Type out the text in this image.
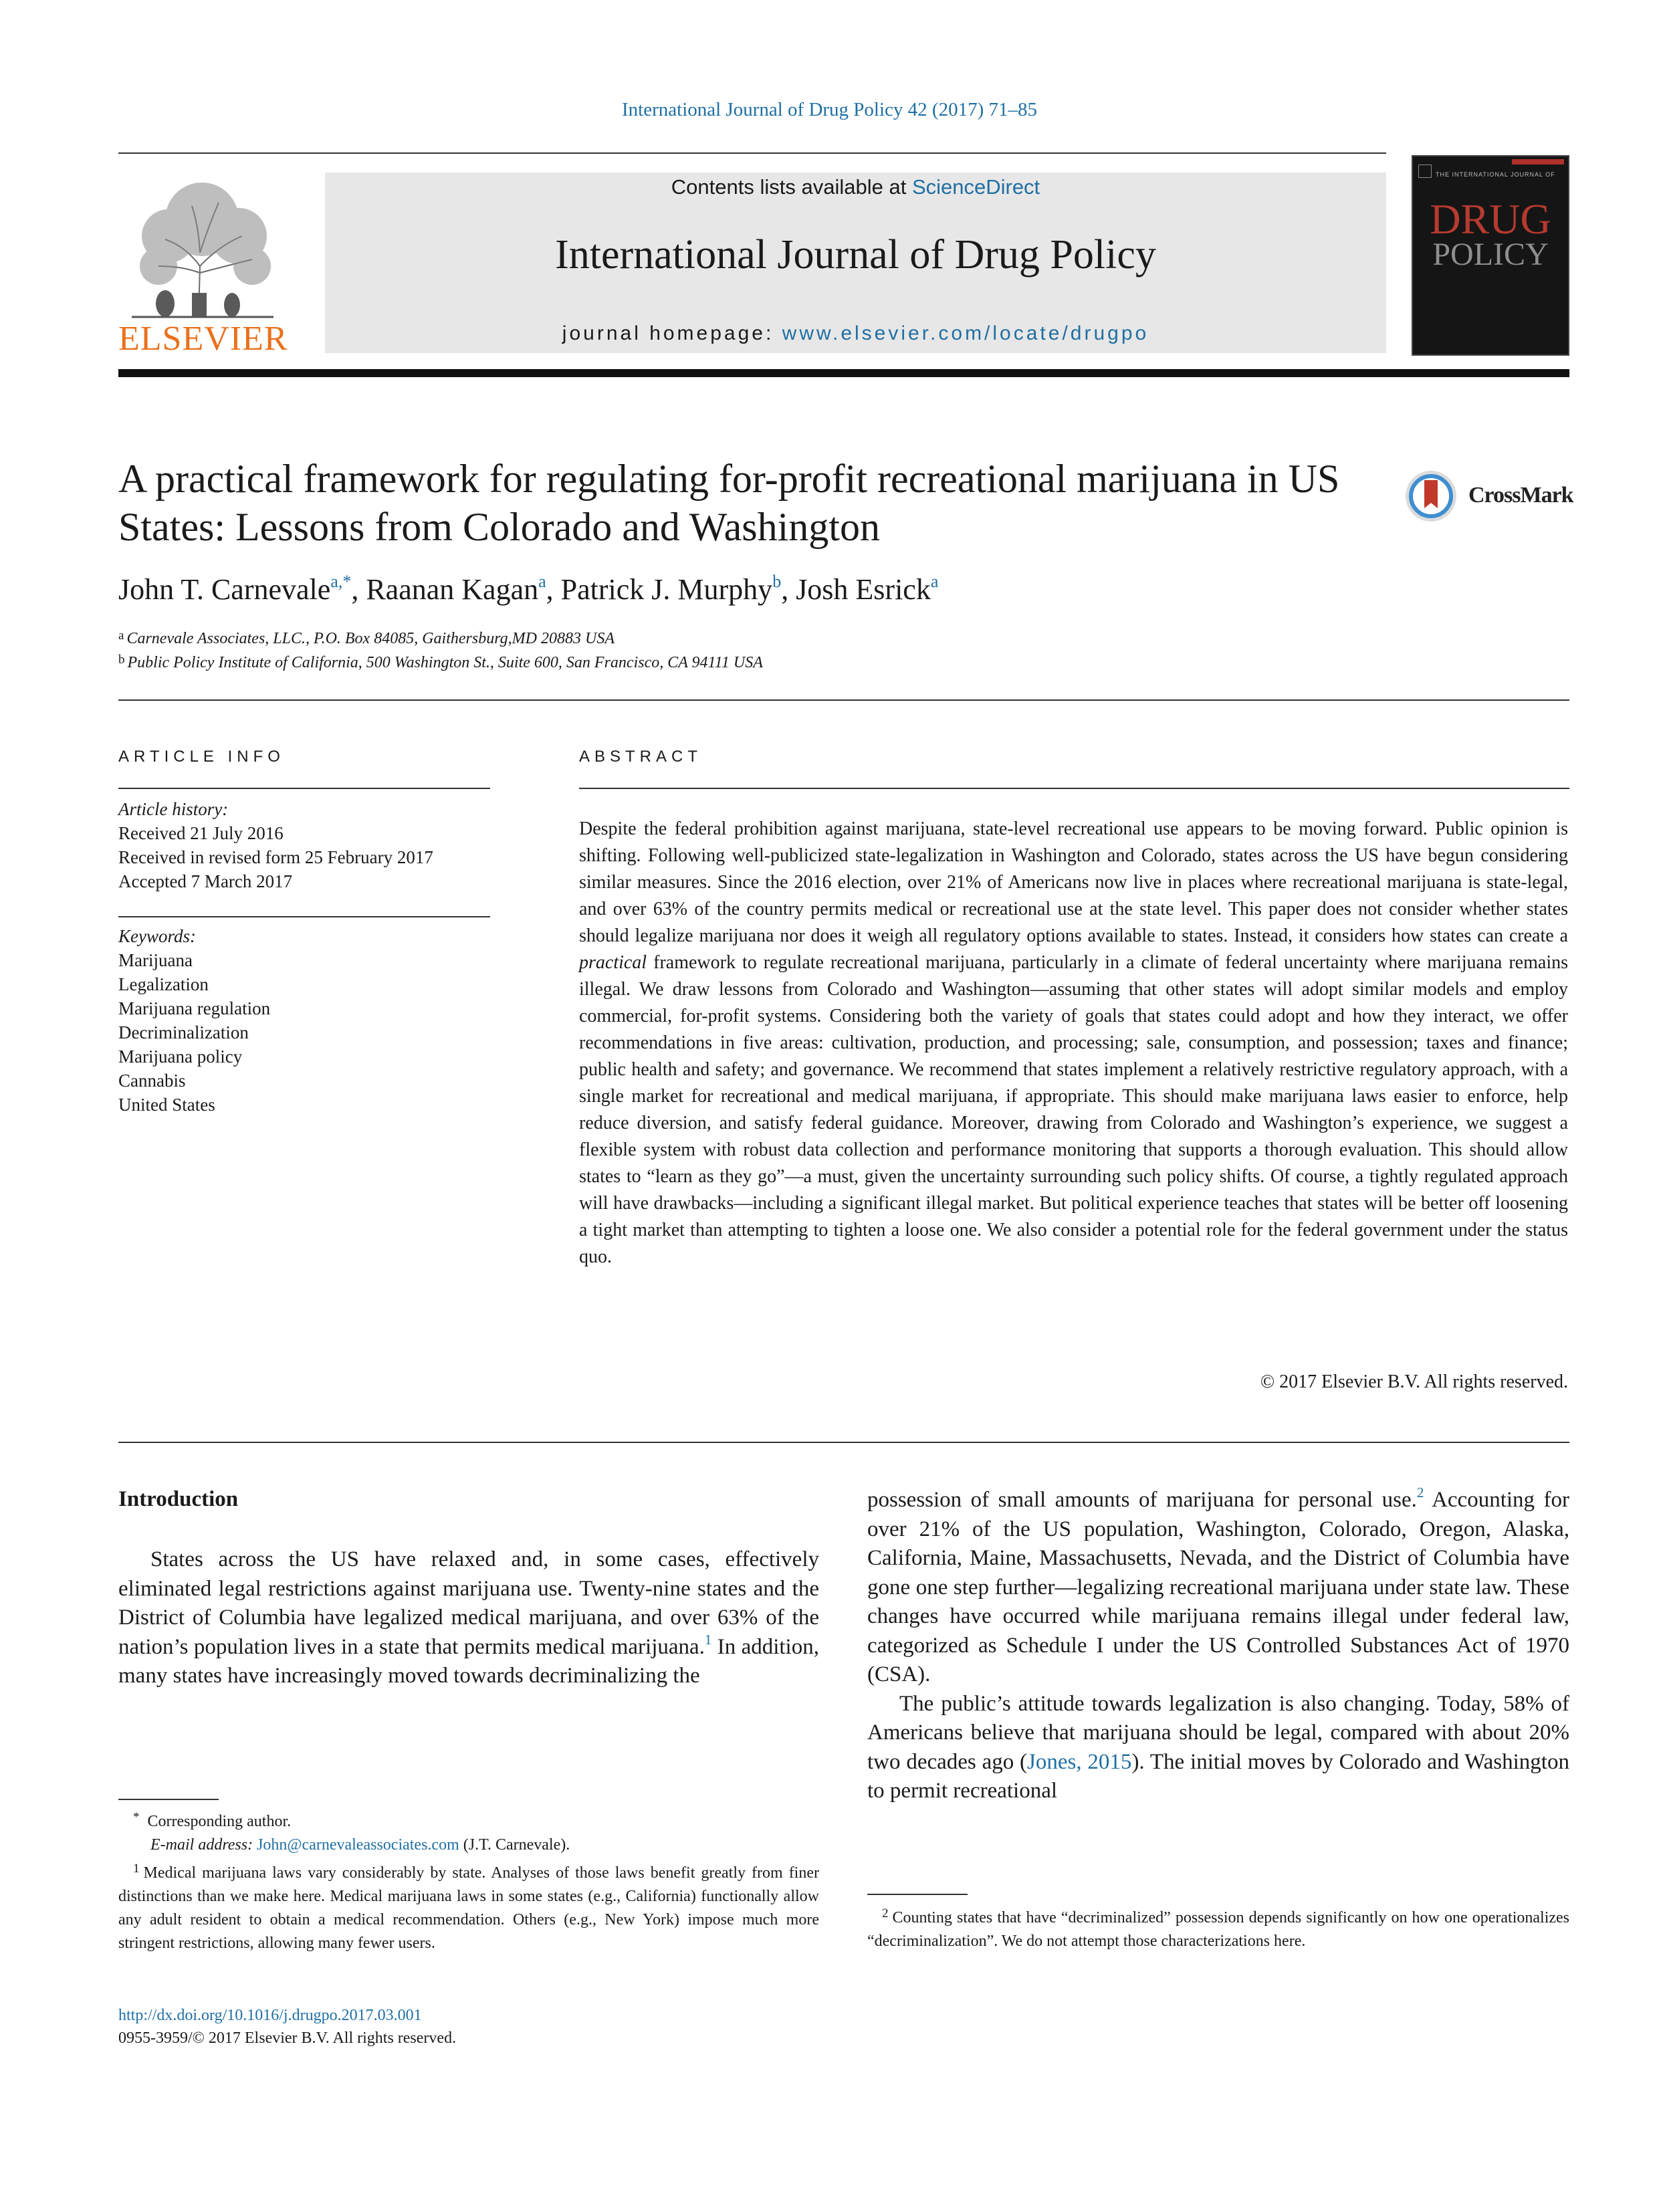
International Journal of Drug Policy 42 (2017) 71–85
ELSEVIER
Contents lists available at ScienceDirect
International Journal of Drug Policy
journal homepage: www.elsevier.com/locate/drugpo
THE INTERNATIONAL JOURNAL OF
DRUG
POLICY
A practical framework for regulating for-profit recreational marijuana in US States: Lessons from Colorado and Washington
CrossMark
John T. Carnevale$^{a,*}$, Raanan Kagan$^a$, Patrick J. Murphy$^b$, Josh Esrick$^a$
$^a$ Carnevale Associates, LLC., P.O. Box 84085, Gaithersburg,MD 20883 USA
$^b$ Public Policy Institute of California, 500 Washington St., Suite 600, San Francisco, CA 94111 USA
ARTICLE INFO
Article history:
Received 21 July 2016
Received in revised form 25 February 2017
Accepted 7 March 2017
Keywords:
Marijuana
Legalization
Marijuana regulation
Decriminalization
Marijuana policy
Cannabis
United States
ABSTRACT
Despite the federal prohibition against marijuana, state-level recreational use appears to be moving forward. Public opinion is shifting. Following well-publicized state-legalization in Washington and Colorado, states across the US have begun considering similar measures. Since the 2016 election, over 21% of Americans now live in places where recreational marijuana is state-legal, and over 63% of the country permits medical or recreational use at the state level. This paper does not consider whether states should legalize marijuana nor does it weigh all regulatory options available to states. Instead, it considers how states can create a practical framework to regulate recreational marijuana, particularly in a climate of federal uncertainty where marijuana remains illegal. We draw lessons from Colorado and Washington—assuming that other states will adopt similar models and employ commercial, for-profit systems. Considering both the variety of goals that states could adopt and how they interact, we offer recommendations in five areas: cultivation, production, and processing; sale, consumption, and possession; taxes and finance; public health and safety; and governance. We recommend that states implement a relatively restrictive regulatory approach, with a single market for recreational and medical marijuana, if appropriate. This should make marijuana laws easier to enforce, help reduce diversion, and satisfy federal guidance. Moreover, drawing from Colorado and Washington’s experience, we suggest a flexible system with robust data collection and performance monitoring that supports a thorough evaluation. This should allow states to “learn as they go”—a must, given the uncertainty surrounding such policy shifts. Of course, a tightly regulated approach will have drawbacks—including a significant illegal market. But political experience teaches that states will be better off loosening a tight market than attempting to tighten a loose one. We also consider a potential role for the federal government under the status quo.
© 2017 Elsevier B.V. All rights reserved.
Introduction

States across the US have relaxed and, in some cases, effectively eliminated legal restrictions against marijuana use. Twenty-nine states and the District of Columbia have legalized medical marijuana, and over 63% of the nation’s population lives in a state that permits medical marijuana.$^1$ In addition, many states have increasingly moved towards decriminalizing the

possession of small amounts of marijuana for personal use.$^2$ Accounting for over 21% of the US population, Washington, Colorado, Oregon, Alaska, California, Maine, Massachusetts, Nevada, and the District of Columbia have gone one step further—legalizing recreational marijuana under state law. These changes have occurred while marijuana remains illegal under federal law, categorized as Schedule I under the US Controlled Substances Act of 1970 (CSA).

The public’s attitude towards legalization is also changing. Today, 58% of Americans believe that marijuana should be legal, compared with about 20% two decades ago (Jones, 2015). The initial moves by Colorado and Washington to permit recreational

* Corresponding author.
E-mail address: John@carnevaleassociates.com (J.T. Carnevale).
$^1$ Medical marijuana laws vary considerably by state. Analyses of those laws benefit greatly from finer distinctions than we make here. Medical marijuana laws in some states (e.g., California) functionally allow any adult resident to obtain a medical recommendation. Others (e.g., New York) impose much more stringent restrictions, allowing many fewer users.
$^2$ Counting states that have “decriminalized” possession depends significantly on how one operationalizes “decriminalization”. We do not attempt those characterizations here.
http://dx.doi.org/10.1016/j.drugpo.2017.03.001
0955-3959/© 2017 Elsevier B.V. All rights reserved.
